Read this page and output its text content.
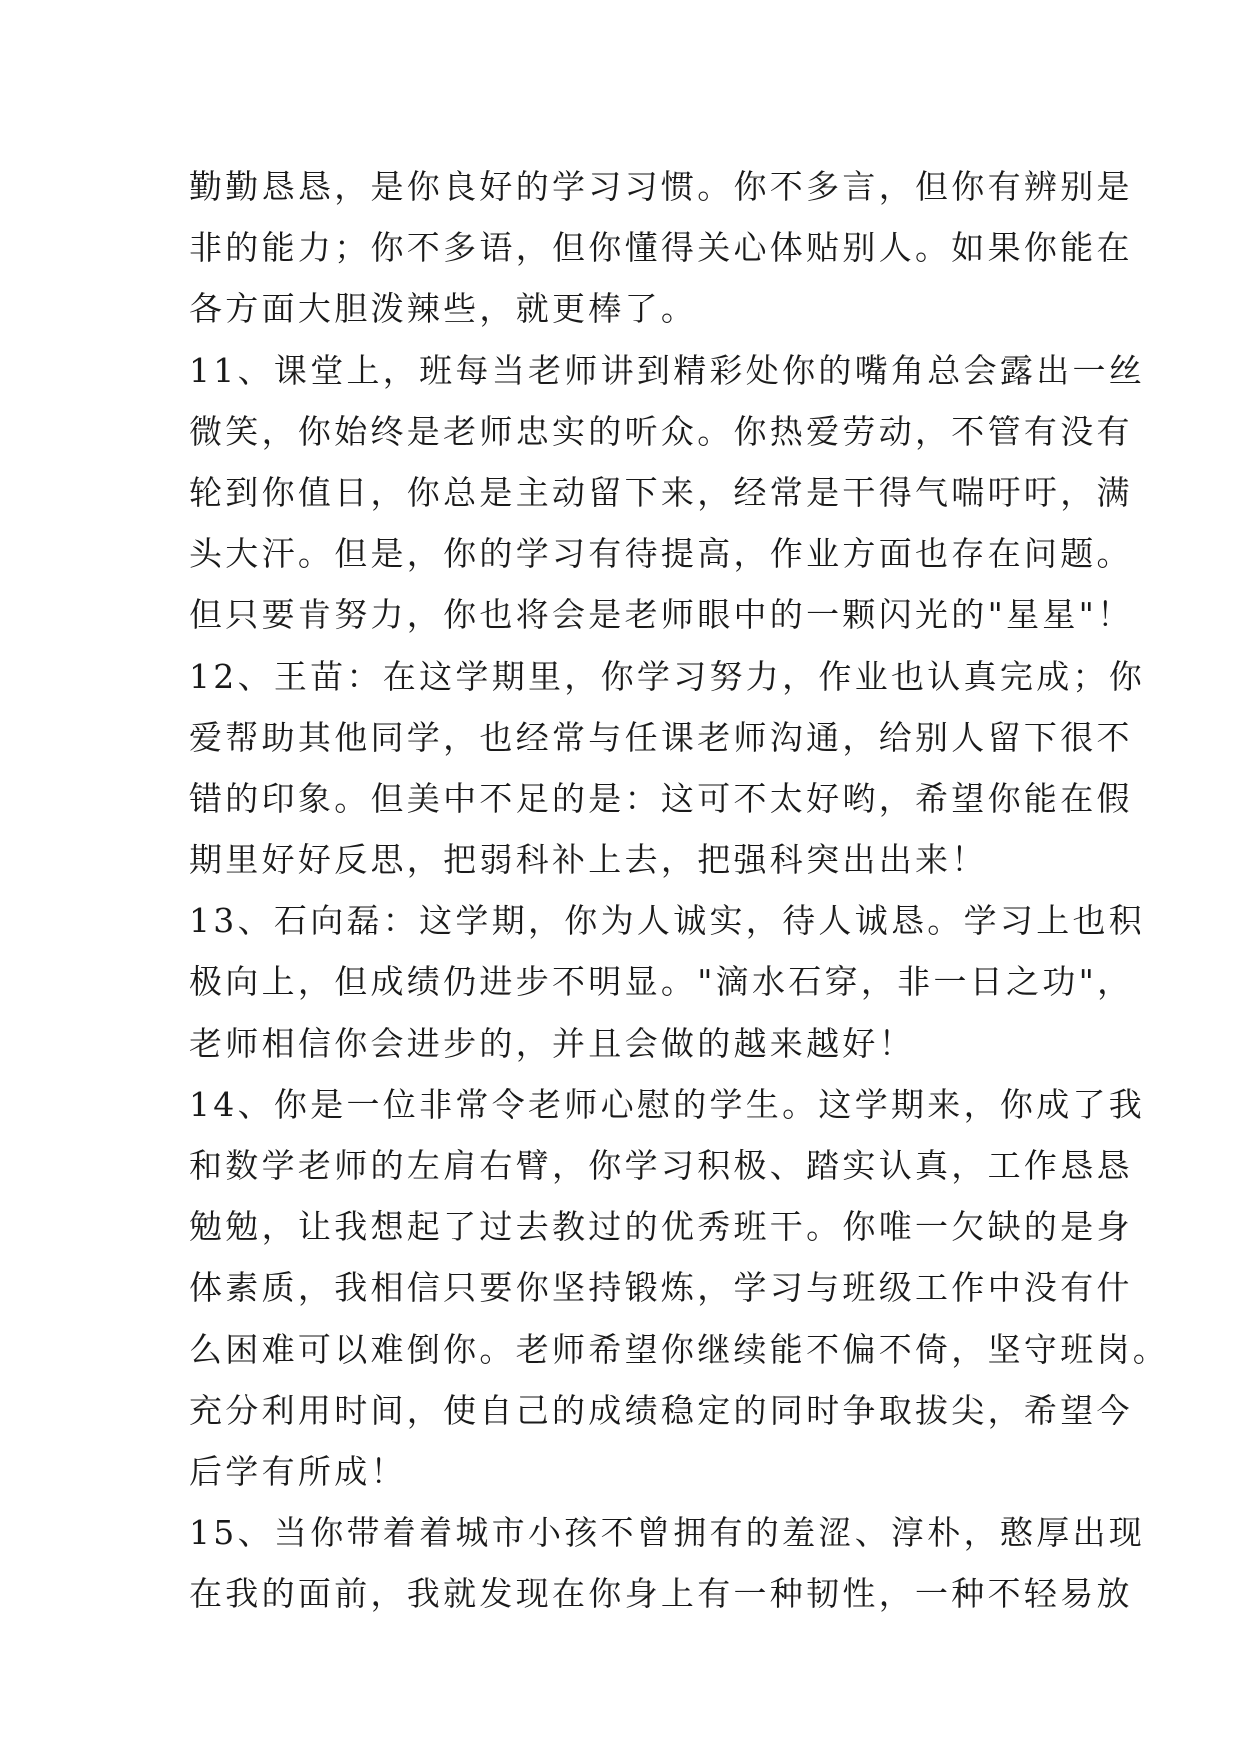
勤勤恳恳，是你良好的学习习惯。你不多言，但你有辨别是
非的能力；你不多语，但你懂得关心体贴别人。如果你能在
各方面大胆泼辣些，就更棒了。
11、课堂上，班每当老师讲到精彩处你的嘴角总会露出一丝
微笑，你始终是老师忠实的听众。你热爱劳动，不管有没有
轮到你值日，你总是主动留下来，经常是干得气喘吁吁，满
头大汗。但是，你的学习有待提高，作业方面也存在问题。
但只要肯努力，你也将会是老师眼中的一颗闪光的"星星"！
12、王苗：在这学期里，你学习努力，作业也认真完成；你
爱帮助其他同学，也经常与任课老师沟通，给别人留下很不
错的印象。但美中不足的是：这可不太好哟，希望你能在假
期里好好反思，把弱科补上去，把强科突出出来！
13、石向磊：这学期，你为人诚实，待人诚恳。学习上也积
极向上，但成绩仍进步不明显。"滴水石穿，非一日之功"，
老师相信你会进步的，并且会做的越来越好！
14、你是一位非常令老师心慰的学生。这学期来，你成了我
和数学老师的左肩右臂，你学习积极、踏实认真，工作恳恳
勉勉，让我想起了过去教过的优秀班干。你唯一欠缺的是身
体素质，我相信只要你坚持锻炼，学习与班级工作中没有什
么困难可以难倒你。老师希望你继续能不偏不倚，坚守班岗。
充分利用时间，使自己的成绩稳定的同时争取拔尖，希望今
后学有所成！
15、当你带着着城市小孩不曾拥有的羞涩、淳朴，憨厚出现
在我的面前，我就发现在你身上有一种韧性，一种不轻易放
